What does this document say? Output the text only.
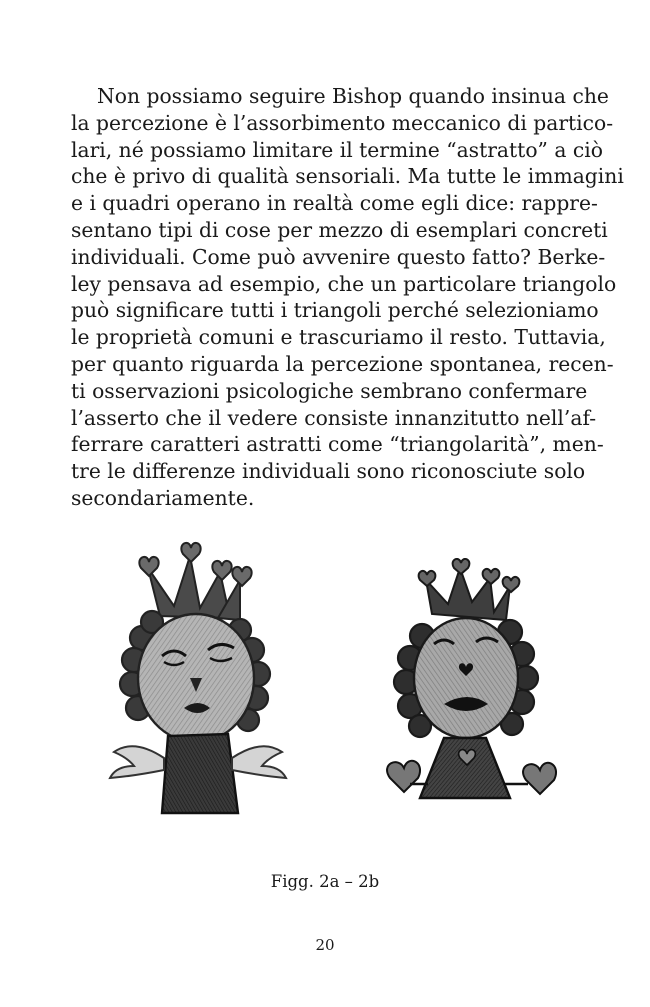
Non possiamo seguire Bishop quando insinua che
la percezione è l’assorbimento meccanico di partico-
lari, né possiamo limitare il termine “astratto” a ciò
che è privo di qualità sensoriali. Ma tutte le immagini
e i quadri operano in realtà come egli dice: rappre-
sentano tipi di cose per mezzo di esemplari concreti
individuali. Come può avvenire questo fatto? Berke-
ley pensava ad esempio, che un particolare triangolo
può significare tutti i triangoli perché selezioniamo
le proprietà comuni e trascuriamo il resto. Tuttavia,
per quanto riguarda la percezione spontanea, recen-
ti osservazioni psicologiche sembrano confermare
l’asserto che il vedere consiste innanzitutto nell’af-
ferrare caratteri astratti come “triangolarità”, men-
tre le differenze individuali sono riconosciute solo
secondariamente.

Figg. 2a – 2b

20
